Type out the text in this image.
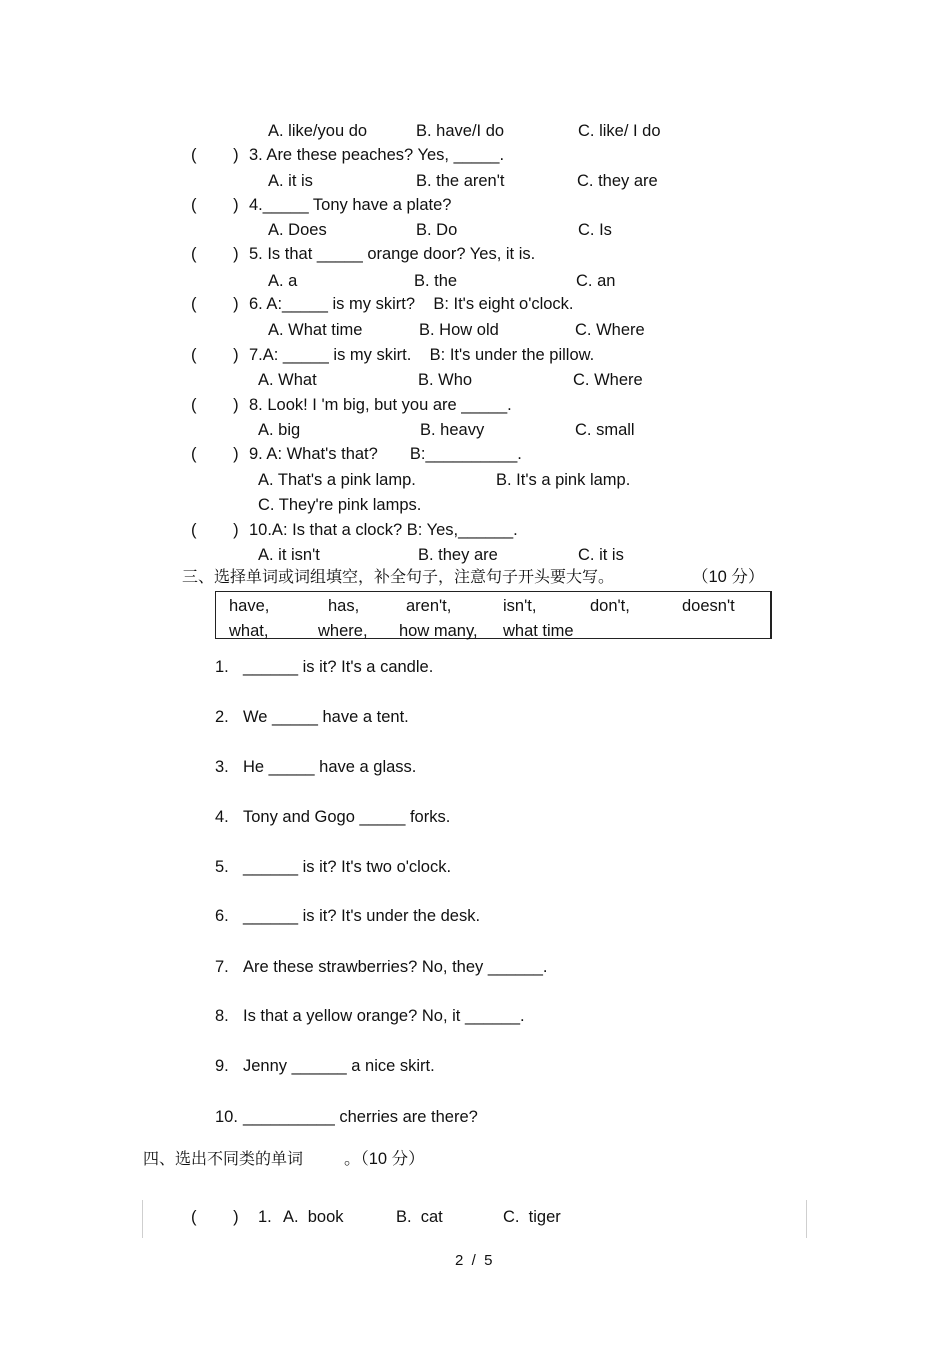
A. like/you do	B. have/I do	C. like/ I do
(        ) 3. Are these peaches? Yes, _____.
A. it is	B. the aren't	C. they are
(        ) 4._____ Tony have a plate?
A. Does	B. Do	C. Is
(        ) 5. Is that _____ orange door? Yes, it is.
A. a	B. the	C. an
(        ) 6. A:_____ is my skirt?    B: It's eight o'clock.
A. What time	B. How old	C. Where
(        ) 7.A: _____ is my skirt.    B: It's under the pillow.
A. What	B. Who	C. Where
(        ) 8. Look! I 'm big, but you are _____.
A. big	B. heavy	C. small
(        ) 9. A: What's that?       B:__________.
A. That's a pink lamp.	B. It's a pink lamp.
C. They're pink lamps.
(        ) 10.A: Is that a clock? B: Yes,______.
A. it isn't	B. they are	C. it is
三、选择单词或词组填空，补全句子，注意句子开头要大写。	（10 分）
have,	has,	aren't,	isn't,	don't,	doesn't
what,	where, how many, what time
1. ______ is it? It's a candle.
2. We _____ have a tent.
3. He _____ have a glass.
4. Tony and Gogo _____ forks.
5. ______ is it? It's two o'clock.
6. ______ is it? It's under the desk.
7. Are these strawberries? No, they ______.
8. Is that a yellow orange? No, it ______.
9. Jenny ______ a nice skirt.
10. __________ cherries are there?
四、选出不同类的单词 。（10 分）
(        ) 1. A.  book	B.  cat	C.  tiger
2  /  5
